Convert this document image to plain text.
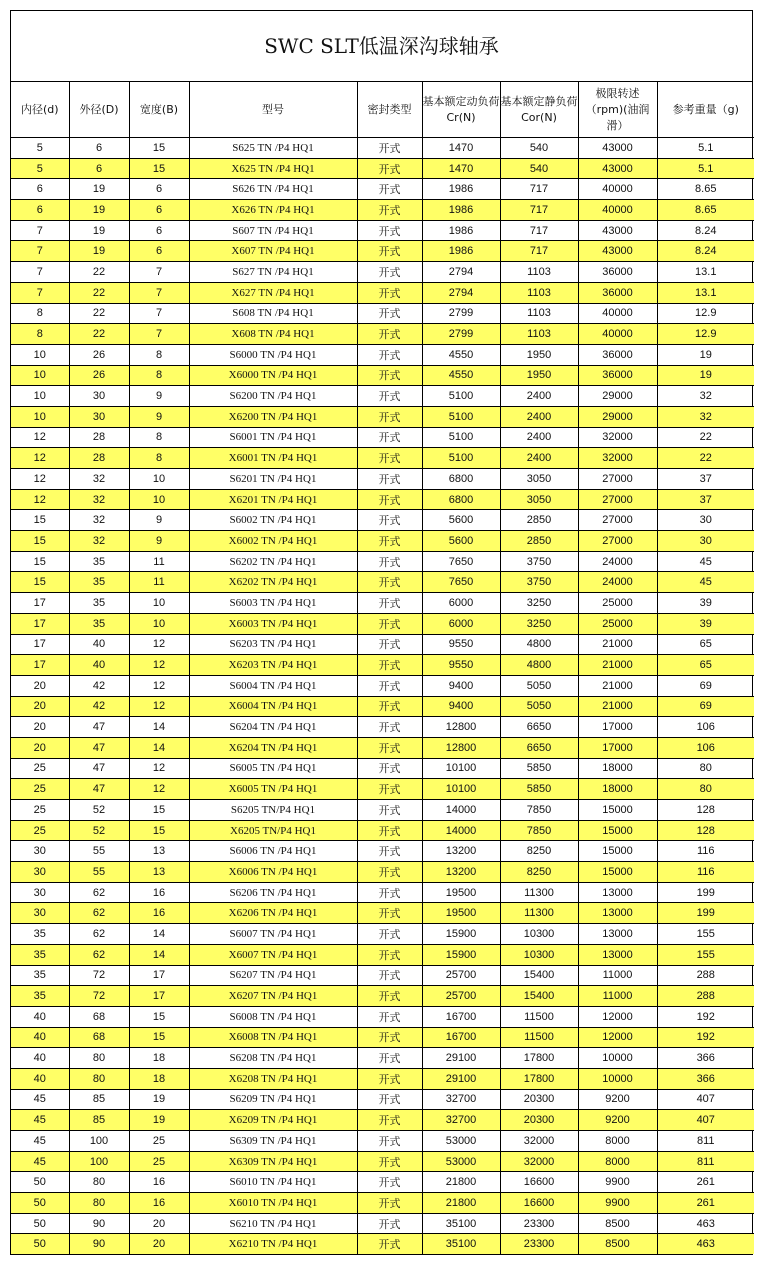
SWC SLT低温深沟球轴承
内径(d)	外径(D)	宽度(B)	型号	密封类型	基本额定动负荷Cr(N)	基本额定静负荷Cor(N)	极限转述（rpm)(油润滑）	参考重量（g)
5	6	15	S625 TN /P4 HQ1	开式	1470	540	43000	5.1
5	6	15	X625 TN /P4 HQ1	开式	1470	540	43000	5.1
6	19	6	S626 TN /P4 HQ1	开式	1986	717	40000	8.65
6	19	6	X626 TN /P4 HQ1	开式	1986	717	40000	8.65
7	19	6	S607 TN /P4 HQ1	开式	1986	717	43000	8.24
7	19	6	X607 TN /P4 HQ1	开式	1986	717	43000	8.24
7	22	7	S627 TN /P4 HQ1	开式	2794	1103	36000	13.1
7	22	7	X627 TN /P4 HQ1	开式	2794	1103	36000	13.1
8	22	7	S608 TN /P4 HQ1	开式	2799	1103	40000	12.9
8	22	7	X608 TN /P4 HQ1	开式	2799	1103	40000	12.9
10	26	8	S6000 TN /P4 HQ1	开式	4550	1950	36000	19
10	26	8	X6000 TN /P4 HQ1	开式	4550	1950	36000	19
10	30	9	S6200 TN /P4 HQ1	开式	5100	2400	29000	32
10	30	9	X6200 TN /P4 HQ1	开式	5100	2400	29000	32
12	28	8	S6001 TN /P4 HQ1	开式	5100	2400	32000	22
12	28	8	X6001 TN /P4 HQ1	开式	5100	2400	32000	22
12	32	10	S6201 TN /P4 HQ1	开式	6800	3050	27000	37
12	32	10	X6201 TN /P4 HQ1	开式	6800	3050	27000	37
15	32	9	S6002 TN /P4 HQ1	开式	5600	2850	27000	30
15	32	9	X6002 TN /P4 HQ1	开式	5600	2850	27000	30
15	35	11	S6202 TN /P4 HQ1	开式	7650	3750	24000	45
15	35	11	X6202 TN /P4 HQ1	开式	7650	3750	24000	45
17	35	10	S6003 TN /P4 HQ1	开式	6000	3250	25000	39
17	35	10	X6003 TN /P4 HQ1	开式	6000	3250	25000	39
17	40	12	S6203 TN /P4 HQ1	开式	9550	4800	21000	65
17	40	12	X6203 TN /P4 HQ1	开式	9550	4800	21000	65
20	42	12	S6004 TN /P4 HQ1	开式	9400	5050	21000	69
20	42	12	X6004 TN /P4 HQ1	开式	9400	5050	21000	69
20	47	14	S6204 TN /P4 HQ1	开式	12800	6650	17000	106
20	47	14	X6204 TN /P4 HQ1	开式	12800	6650	17000	106
25	47	12	S6005 TN /P4 HQ1	开式	10100	5850	18000	80
25	47	12	X6005 TN /P4 HQ1	开式	10100	5850	18000	80
25	52	15	S6205 TN/P4 HQ1	开式	14000	7850	15000	128
25	52	15	X6205 TN/P4 HQ1	开式	14000	7850	15000	128
30	55	13	S6006 TN /P4 HQ1	开式	13200	8250	15000	116
30	55	13	X6006 TN /P4 HQ1	开式	13200	8250	15000	116
30	62	16	S6206 TN /P4 HQ1	开式	19500	11300	13000	199
30	62	16	X6206 TN /P4 HQ1	开式	19500	11300	13000	199
35	62	14	S6007 TN /P4 HQ1	开式	15900	10300	13000	155
35	62	14	X6007 TN /P4 HQ1	开式	15900	10300	13000	155
35	72	17	S6207 TN /P4 HQ1	开式	25700	15400	11000	288
35	72	17	X6207 TN /P4 HQ1	开式	25700	15400	11000	288
40	68	15	S6008 TN /P4 HQ1	开式	16700	11500	12000	192
40	68	15	X6008 TN /P4 HQ1	开式	16700	11500	12000	192
40	80	18	S6208 TN /P4 HQ1	开式	29100	17800	10000	366
40	80	18	X6208 TN /P4 HQ1	开式	29100	17800	10000	366
45	85	19	S6209 TN /P4 HQ1	开式	32700	20300	9200	407
45	85	19	X6209 TN /P4 HQ1	开式	32700	20300	9200	407
45	100	25	S6309 TN /P4 HQ1	开式	53000	32000	8000	811
45	100	25	X6309 TN /P4 HQ1	开式	53000	32000	8000	811
50	80	16	S6010 TN /P4 HQ1	开式	21800	16600	9900	261
50	80	16	X6010 TN /P4 HQ1	开式	21800	16600	9900	261
50	90	20	S6210 TN /P4 HQ1	开式	35100	23300	8500	463
50	90	20	X6210 TN /P4 HQ1	开式	35100	23300	8500	463
